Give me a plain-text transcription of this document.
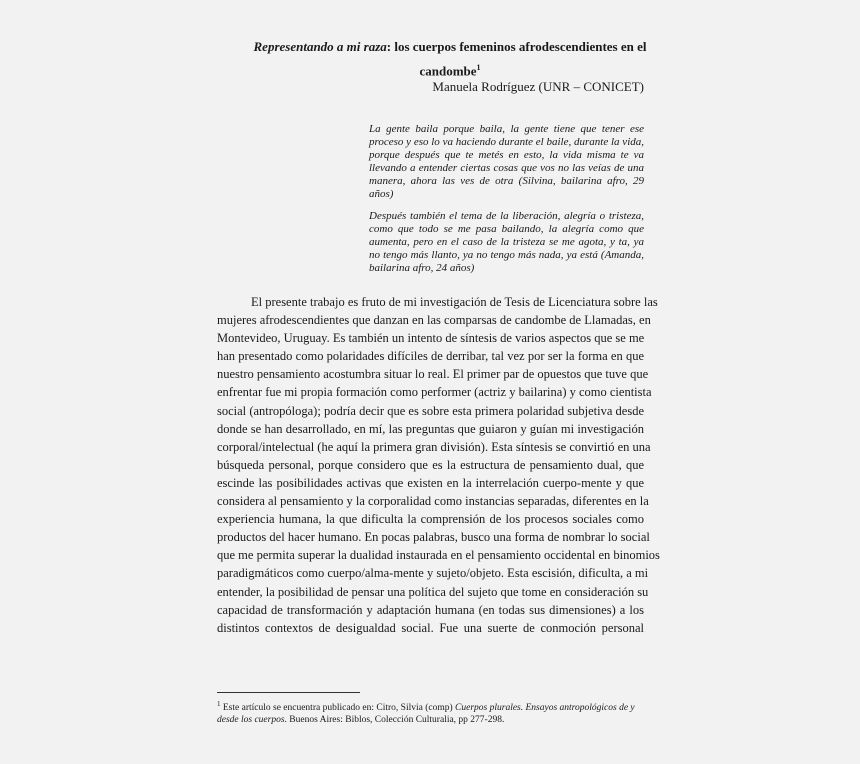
Representando a mi raza: los cuerpos femeninos afrodescendientes en el
candombe$^1$
Manuela Rodríguez (UNR – CONICET)
La gente baila porque baila, la gente tiene que tener ese proceso y eso lo va haciendo durante el baile, durante la vida, porque después que te metés en esto, la vida misma te va llevando a entender ciertas cosas que vos no las veías de una manera, ahora las ves de otra (Silvina, bailarina afro, 29 años)
Después también el tema de la liberación, alegría o tristeza, como que todo se me pasa bailando, la alegría como que aumenta, pero en el caso de la tristeza se me agota, y ta, ya no tengo más llanto, ya no tengo más nada, ya está (Amanda, bailarina afro, 24 años)
El presente trabajo es fruto de mi investigación de Tesis de Licenciatura sobre las
mujeres afrodescendientes que danzan en las comparsas de candombe de Llamadas, en
Montevideo, Uruguay. Es también un intento de síntesis de varios aspectos que se me
han presentado como polaridades difíciles de derribar, tal vez por ser la forma en que
nuestro pensamiento acostumbra situar lo real. El primer par de opuestos que tuve que
enfrentar fue mi propia formación como performer (actriz y bailarina) y como cientista
social (antropóloga); podría decir que es sobre esta primera polaridad subjetiva desde
donde se han desarrollado, en mí, las preguntas que guiaron y guían mi investigación
corporal/intelectual (he aquí la primera gran división). Esta síntesis se convirtió en una
búsqueda personal, porque considero que es la estructura de pensamiento dual, que
escinde las posibilidades activas que existen en la interrelación cuerpo-mente y que
considera al pensamiento y la corporalidad como instancias separadas, diferentes en la
experiencia humana, la que dificulta la comprensión de los procesos sociales como
productos del hacer humano. En pocas palabras, busco una forma de nombrar lo social
que me permita superar la dualidad instaurada en el pensamiento occidental en binomios
paradigmáticos como cuerpo/alma-mente y sujeto/objeto. Esta escisión, dificulta, a mi
entender, la posibilidad de pensar una política del sujeto que tome en consideración su
capacidad de transformación y adaptación humana (en todas sus dimensiones) a los
distintos contextos de desigualdad social. Fue una suerte de conmoción personal
$^1$ Este artículo se encuentra publicado en: Citro, Silvia (comp) Cuerpos plurales. Ensayos antropológicos de y desde los cuerpos. Buenos Aires: Biblos, Colección Culturalia, pp 277-298.
